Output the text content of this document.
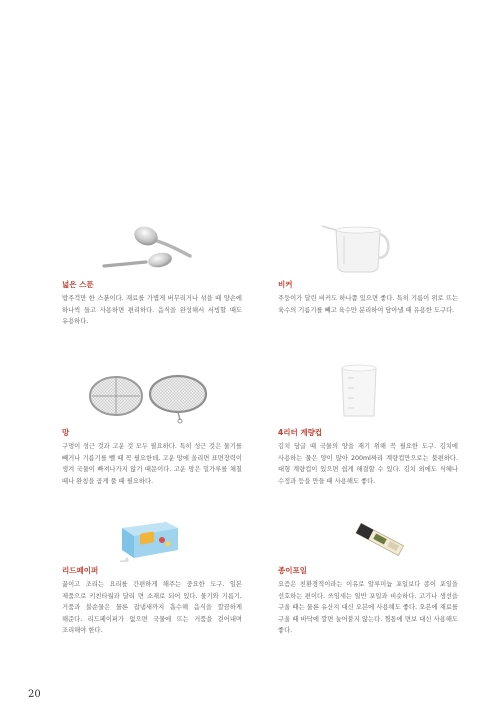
넓은 스푼

밥주걱만 한 스푼이다. 재료를 가볍게 버무리거나 섞을 때 양손에 하나씩 들고 사용하면 편리하다. 음식을 완성해서 서빙할 때도 유용하다.

비커

주둥이가 달린 비커도 하나쯤 있으면 좋다. 특히 기름이 위로 뜨는 육수의 기름기를 빼고 육수만 분리하여 담아낼 때 유용한 도구다.

망

구멍이 성근 것과 고운 것 모두 필요하다. 특히 성근 것은 물기를 빼거나 기름기를 뺄 때 꼭 필요한데, 고운 망에 올리면 표면장력이 생겨 국물이 빠져나가지 않기 때문이다. 고운 망은 밀가루를 체칠 때나 완칭을 곱게 풀 때 필요하다.

4리터 계량컵

김치 담글 때 국물의 양을 재기 위해 꼭 필요한 도구. 김치에 사용하는 물은 양이 많아 200ml짜리 계량컵만으로는 불편하다. 대형 계량컵이 있으면 쉽게 해결할 수 있다. 김치 외에도 식혜나 수정과 등을 만들 때 사용해도 좋다.

리드페이퍼

끓이고 조리는 요리를 간편하게 해주는 중요한 도구. 일본 제품으로 키친타월과 달리 면 소재로 되어 있다. 물기와 기름기, 거품과 불순물은 물론 잡냄새까지 흡수해 음식을 깔끔하게 해준다. 리드페이퍼가 없으면 국물에 뜨는 거품을 걷어내며 조리해야 한다.

종이포일

요즘은 친환경적이라는 이유로 알루미늄 포일보다 종이 포일을 선호하는 편이다. 쓰임새는 일반 포일과 비슷하다. 고기나 생선을 구울 때는 물론 유산지 대신 오븐에 사용해도 좋다. 오븐에 재료를 구울 때 바닥에 깔면 눌어붙지 않는다. 찜통에 면보 대신 사용해도 좋다.

20
